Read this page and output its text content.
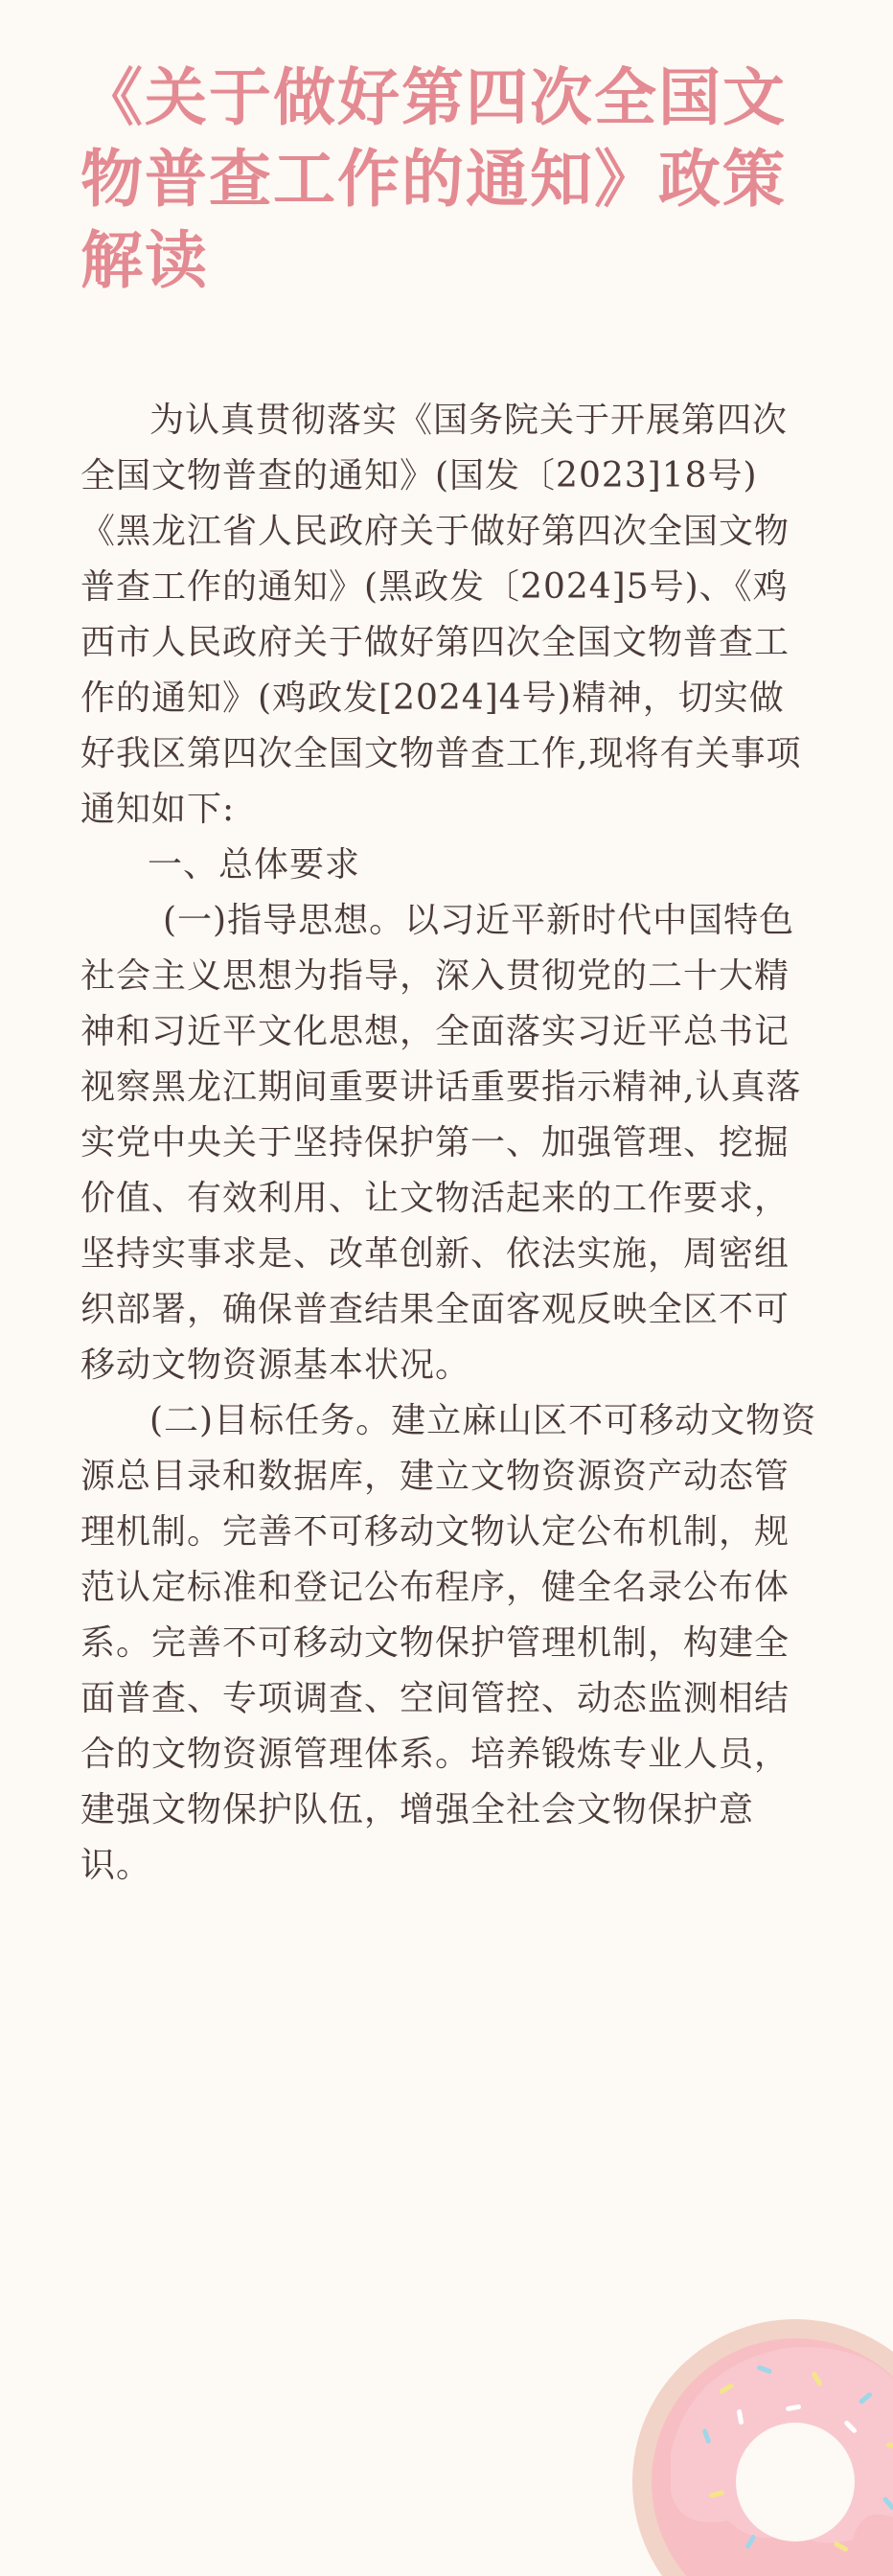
《关于做好第四次全国文物普查工作的通知》政策解读

为认真贯彻落实《国务院关于开展第四次全国文物普查的通知》(国发〔2023]18号)《黑龙江省人民政府关于做好第四次全国文物普查工作的通知》(黑政发〔2024]5号)、《鸡西市人民政府关于做好第四次全国文物普查工作的通知》(鸡政发[2024]4号)精神，切实做好我区第四次全国文物普查工作,现将有关事项通知如下:

一、总体要求

(一)指导思想。以习近平新时代中国特色社会主义思想为指导，深入贯彻党的二十大精神和习近平文化思想，全面落实习近平总书记视察黑龙江期间重要讲话重要指示精神,认真落实党中央关于坚持保护第一、加强管理、挖掘价值、有效利用、让文物活起来的工作要求，坚持实事求是、改革创新、依法实施，周密组织部署，确保普查结果全面客观反映全区不可移动文物资源基本状况。

(二)目标任务。建立麻山区不可移动文物资源总目录和数据库，建立文物资源资产动态管理机制。完善不可移动文物认定公布机制，规范认定标准和登记公布程序，健全名录公布体系。完善不可移动文物保护管理机制，构建全面普查、专项调查、空间管控、动态监测相结合的文物资源管理体系。培养锻炼专业人员，建强文物保护队伍，增强全社会文物保护意识。
